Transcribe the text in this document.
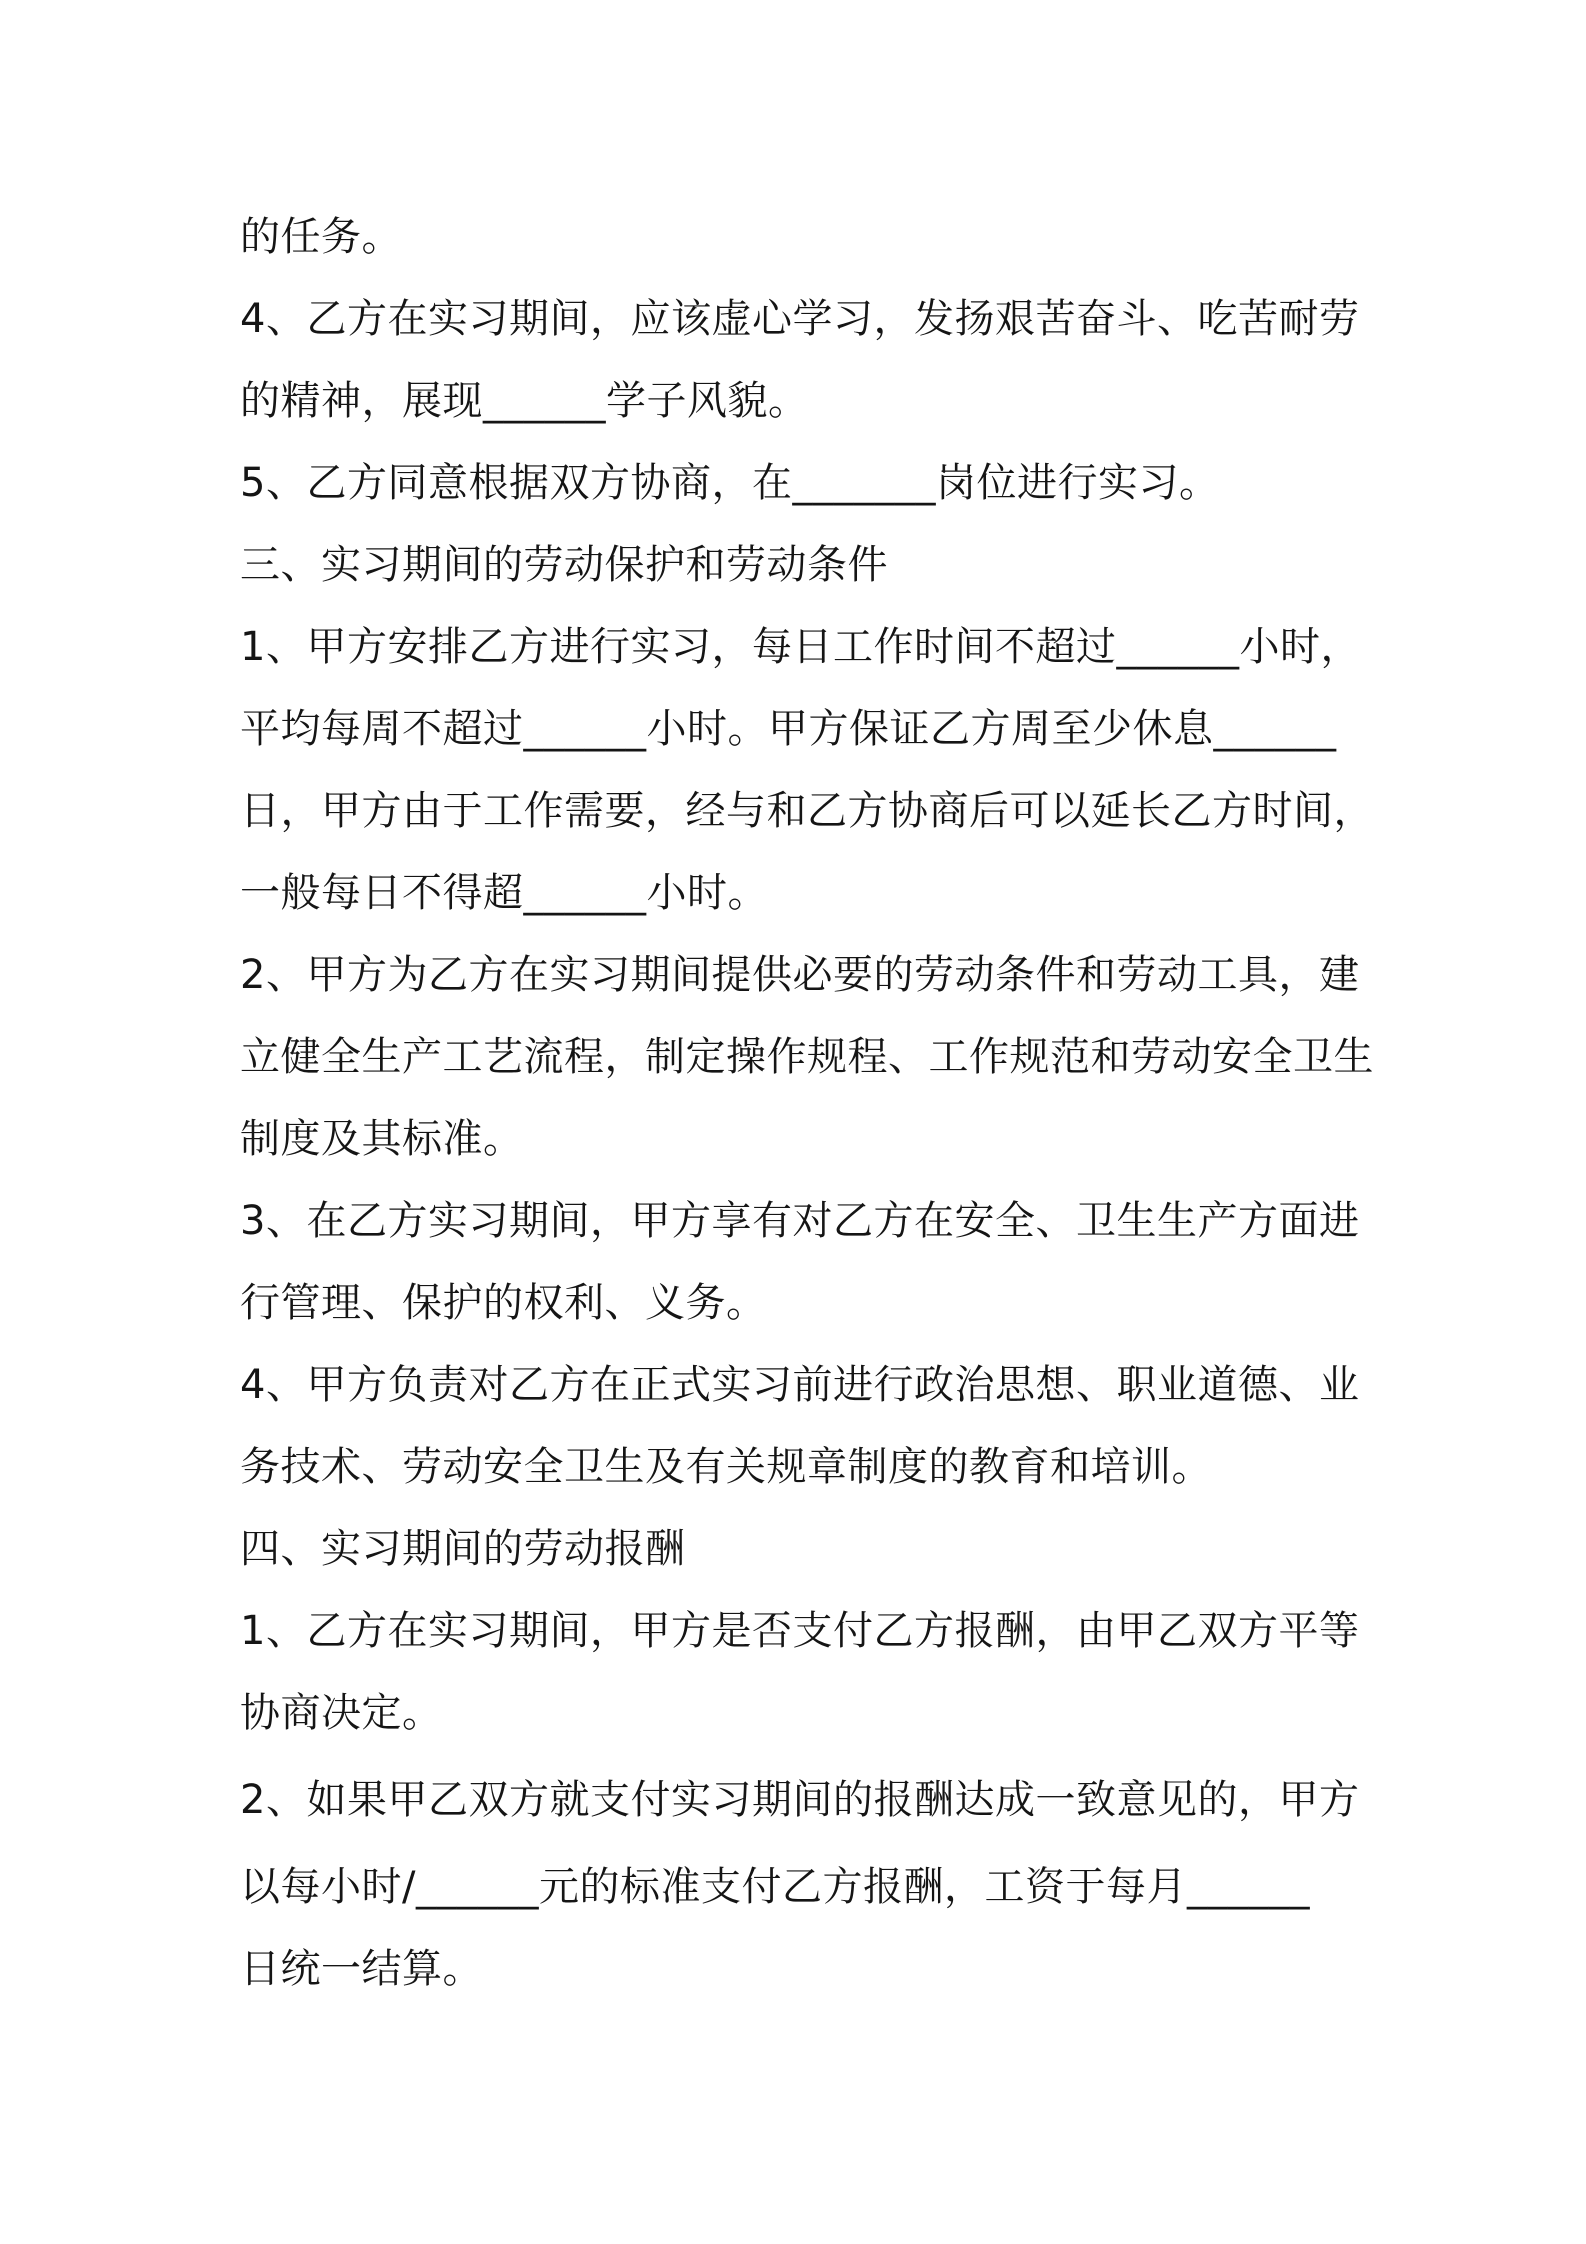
的任务。
4、乙方在实习期间，应该虚心学习，发扬艰苦奋斗、吃苦耐劳
的精神，展现______学子风貌。
5、乙方同意根据双方协商，在_______岗位进行实习。
三、实习期间的劳动保护和劳动条件
1、甲方安排乙方进行实习，每日工作时间不超过______小时，
平均每周不超过______小时。甲方保证乙方周至少休息______
日，甲方由于工作需要，经与和乙方协商后可以延长乙方时间，
一般每日不得超______小时。
2、甲方为乙方在实习期间提供必要的劳动条件和劳动工具，建
立健全生产工艺流程，制定操作规程、工作规范和劳动安全卫生
制度及其标准。
3、在乙方实习期间，甲方享有对乙方在安全、卫生生产方面进
行管理、保护的权利、义务。
4、甲方负责对乙方在正式实习前进行政治思想、职业道德、业
务技术、劳动安全卫生及有关规章制度的教育和培训。
四、实习期间的劳动报酬
1、乙方在实习期间，甲方是否支付乙方报酬，由甲乙双方平等
协商决定。
2、如果甲乙双方就支付实习期间的报酬达成一致意见的，甲方
以每小时/______元的标准支付乙方报酬，工资于每月______
日统一结算。
